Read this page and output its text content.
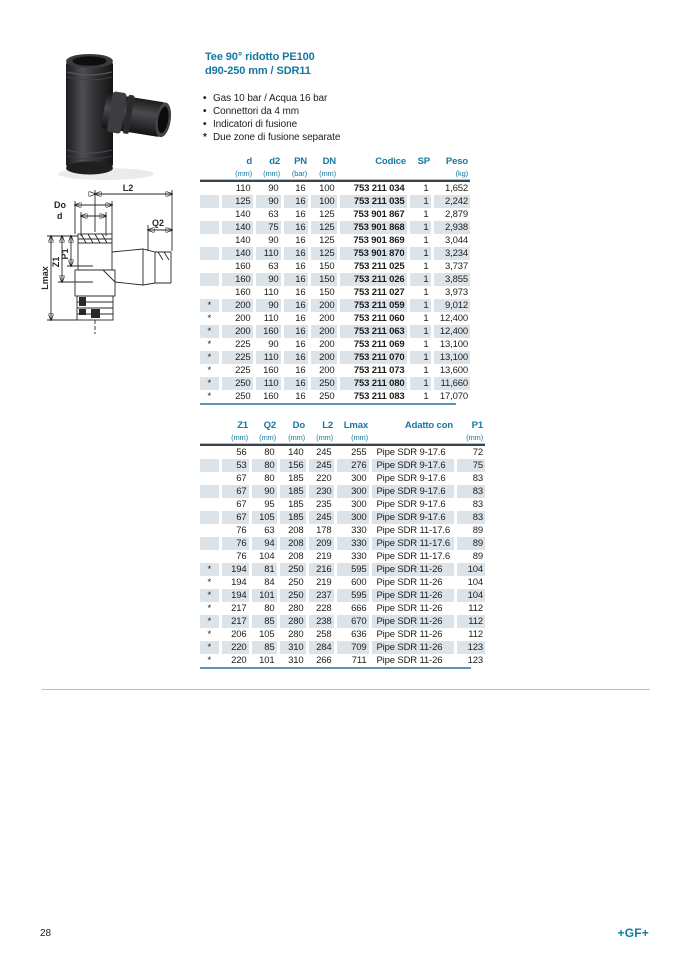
L2
Do
d
Q2
P1
Z1
Lmax
Tee 90° ridotto PE100
d90-250 mm / SDR11
• Gas 10 bar / Acqua 16 bar
• Connettori da 4 mm
• Indicatori di fusione
* Due zone di fusione separate
	d	d2	PN	DN	Codice	SP	Peso
	(mm)	(mm)	(bar)	(mm)			(kg)

	110	90	16	100	753 211 034	1	1,652
	125	90	16	100	753 211 035	1	2,242
	140	63	16	125	753 901 867	1	2,879
	140	75	16	125	753 901 868	1	2,938
	140	90	16	125	753 901 869	1	3,044
	140	110	16	125	753 901 870	1	3,234
	160	63	16	150	753 211 025	1	3,737
	160	90	16	150	753 211 026	1	3,855
	160	110	16	150	753 211 027	1	3,973
*	200	90	16	200	753 211 059	1	9,012
*	200	110	16	200	753 211 060	1	12,400
*	200	160	16	200	753 211 063	1	12,400
*	225	90	16	200	753 211 069	1	13,100
*	225	110	16	200	753 211 070	1	13,100
*	225	160	16	200	753 211 073	1	13,600
*	250	110	16	250	753 211 080	1	11,660
*	250	160	16	250	753 211 083	1	17,070
	Z1	Q2	Do	L2	Lmax	Adatto con	P1
	(mm)	(mm)	(mm)	(mm)	(mm)		(mm)

	56	80	140	245	255	Pipe SDR 9-17.6	72
	53	80	156	245	276	Pipe SDR 9-17.6	75
	67	80	185	220	300	Pipe SDR 9-17.6	83
	67	90	185	230	300	Pipe SDR 9-17.6	83
	67	95	185	235	300	Pipe SDR 9-17.6	83
	67	105	185	245	300	Pipe SDR 9-17.6	83
	76	63	208	178	330	Pipe SDR 11-17.6	89
	76	94	208	209	330	Pipe SDR 11-17.6	89
	76	104	208	219	330	Pipe SDR 11-17.6	89
*	194	81	250	216	595	Pipe SDR 11-26	104
*	194	84	250	219	600	Pipe SDR 11-26	104
*	194	101	250	237	595	Pipe SDR 11-26	104
*	217	80	280	228	666	Pipe SDR 11-26	112
*	217	85	280	238	670	Pipe SDR 11-26	112
*	206	105	280	258	636	Pipe SDR 11-26	112
*	220	85	310	284	709	Pipe SDR 11-26	123
*	220	101	310	266	711	Pipe SDR 11-26	123
28	+GF+
